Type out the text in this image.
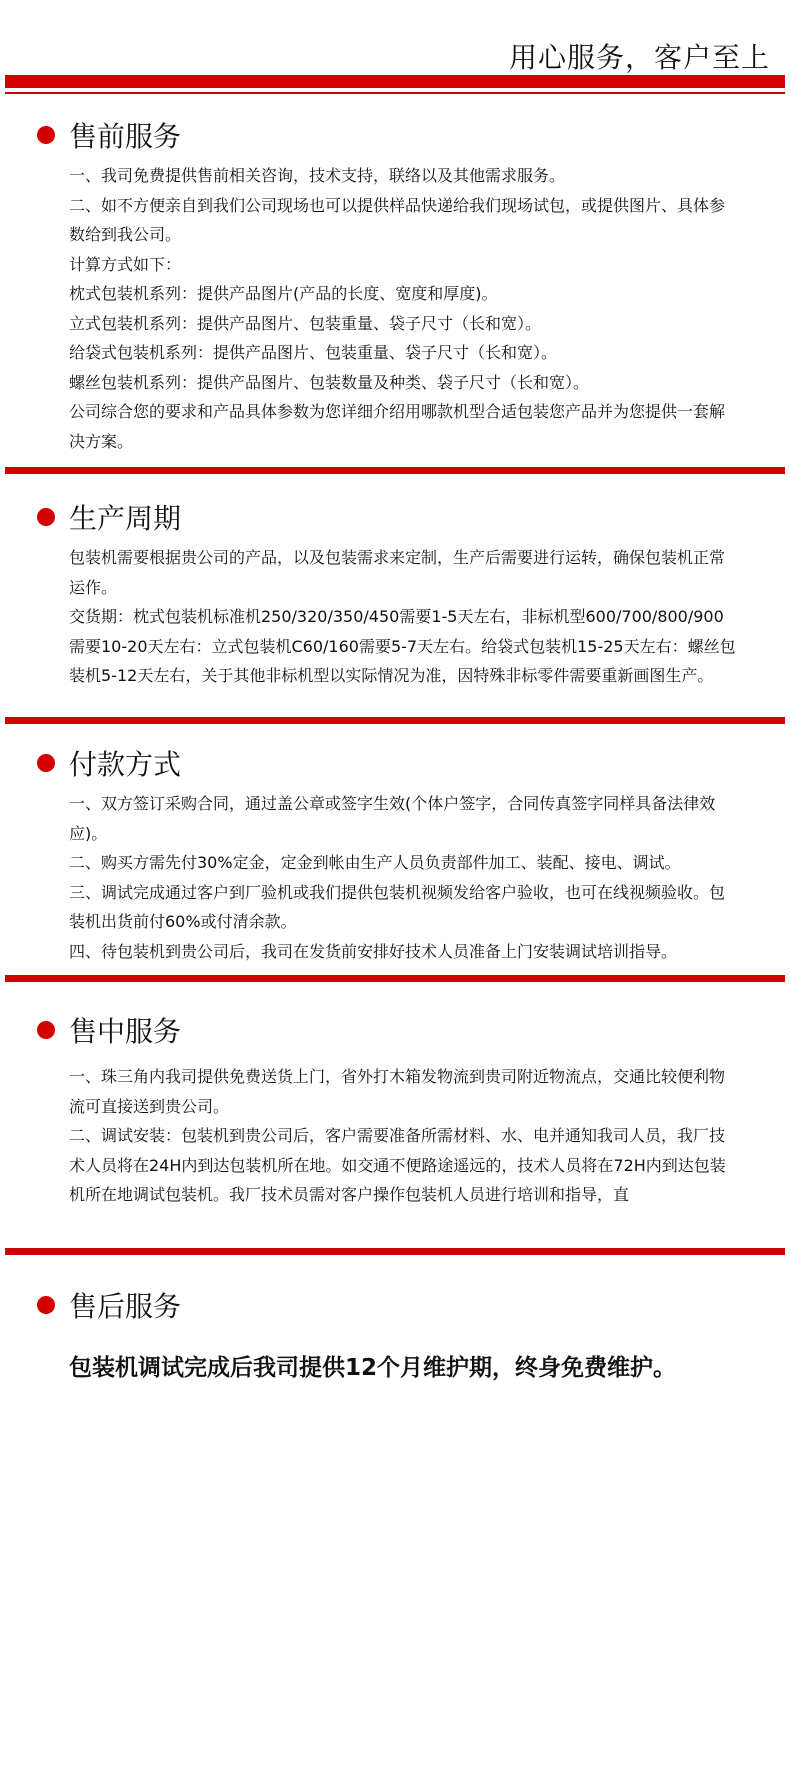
用心服务，客户至上
售前服务

一、我司免费提供售前相关咨询，技术支持，联络以及其他需求服务。

二、如不方便亲自到我们公司现场也可以提供样品快递给我们现场试包，或提供图片、具体参数给到我公司。

计算方式如下：

枕式包装机系列：提供产品图片(产品的长度、宽度和厚度)。

立式包装机系列：提供产品图片、包装重量、袋子尺寸（长和宽）。

给袋式包装机系列：提供产品图片、包装重量、袋子尺寸（长和宽）。

螺丝包装机系列：提供产品图片、包装数量及种类、袋子尺寸（长和宽）。

公司综合您的要求和产品具体参数为您详细介绍用哪款机型合适包装您产品并为您提供一套解决方案。

生产周期

包装机需要根据贵公司的产品，以及包装需求来定制，生产后需要进行运转，确保包装机正常运作。

交货期：枕式包装机标准机250/320/350/450需要1-5天左右，非标机型600/700/800/900需要10-20天左右：立式包装机C60/160需要5-7天左右。给袋式包装机15-25天左右：螺丝包装机5-12天左右，关于其他非标机型以实际情况为准，因特殊非标零件需要重新画图生产。

付款方式

一、双方签订采购合同，通过盖公章或签字生效(个体户签字，合同传真签字同样具备法律效应)。

二、购买方需先付30%定金，定金到帐由生产人员负责部件加工、装配、接电、调试。

三、调试完成通过客户到厂验机或我们提供包装机视频发给客户验收，也可在线视频验收。包装机出货前付60%或付清余款。

四、待包装机到贵公司后，我司在发货前安排好技术人员准备上门安装调试培训指导。

售中服务

一、珠三角内我司提供免费送货上门，省外打木箱发物流到贵司附近物流点，交通比较便利物流可直接送到贵公司。

二、调试安装：包装机到贵公司后，客户需要准备所需材料、水、电并通知我司人员，我厂技术人员将在24H内到达包装机所在地。如交通不便路途遥远的，技术人员将在72H内到达包装机所在地调试包装机。我厂技术员需对客户操作包装机人员进行培训和指导，直

售后服务
包装机调试完成后我司提供12个月维护期，终身免费维护。
